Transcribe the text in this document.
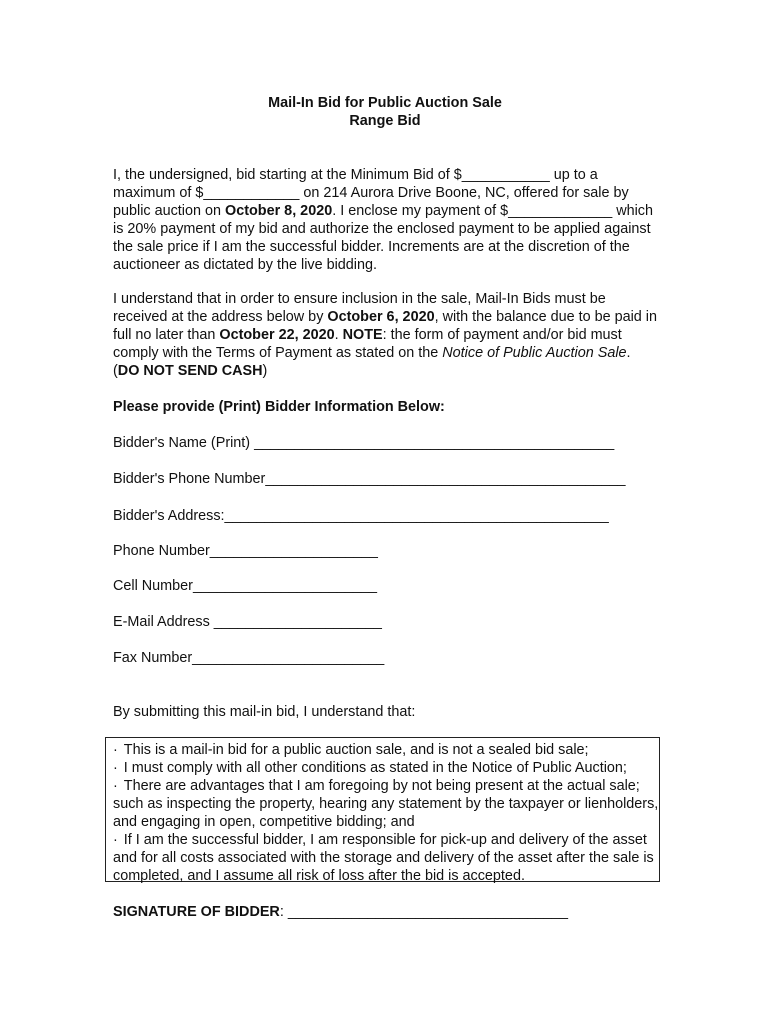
Mail-In Bid for Public Auction Sale
Range Bid
I, the undersigned, bid starting at the Minimum Bid of $___________ up to a maximum of $____________ on 214 Aurora Drive Boone, NC, offered for sale by public auction on October 8, 2020. I enclose my payment of $_____________ which is 20% payment of my bid and authorize the enclosed payment to be applied against the sale price if I am the successful bidder. Increments are at the discretion of the auctioneer as dictated by the live bidding.
I understand that in order to ensure inclusion in the sale, Mail-In Bids must be received at the address below by October 6, 2020, with the balance due to be paid in full no later than October 22, 2020. NOTE: the form of payment and/or bid must comply with the Terms of Payment as stated on the Notice of Public Auction Sale. (DO NOT SEND CASH)
Please provide (Print) Bidder Information Below:
Bidder's Name (Print) _____________________________________________
Bidder's Phone Number_____________________________________________
Bidder's Address:________________________________________________
Phone Number_____________________
Cell Number_______________________
E-Mail Address _____________________
Fax Number________________________
By submitting this mail-in bid, I understand that:
· This is a mail-in bid for a public auction sale, and is not a sealed bid sale;
· I must comply with all other conditions as stated in the Notice of Public Auction;
· There are advantages that I am foregoing by not being present at the actual sale; such as inspecting the property, hearing any statement by the taxpayer or lienholders, and engaging in open, competitive bidding; and
· If I am the successful bidder, I am responsible for pick-up and delivery of the asset and for all costs associated with the storage and delivery of the asset after the sale is completed, and I assume all risk of loss after the bid is accepted.
SIGNATURE OF BIDDER: ___________________________________
